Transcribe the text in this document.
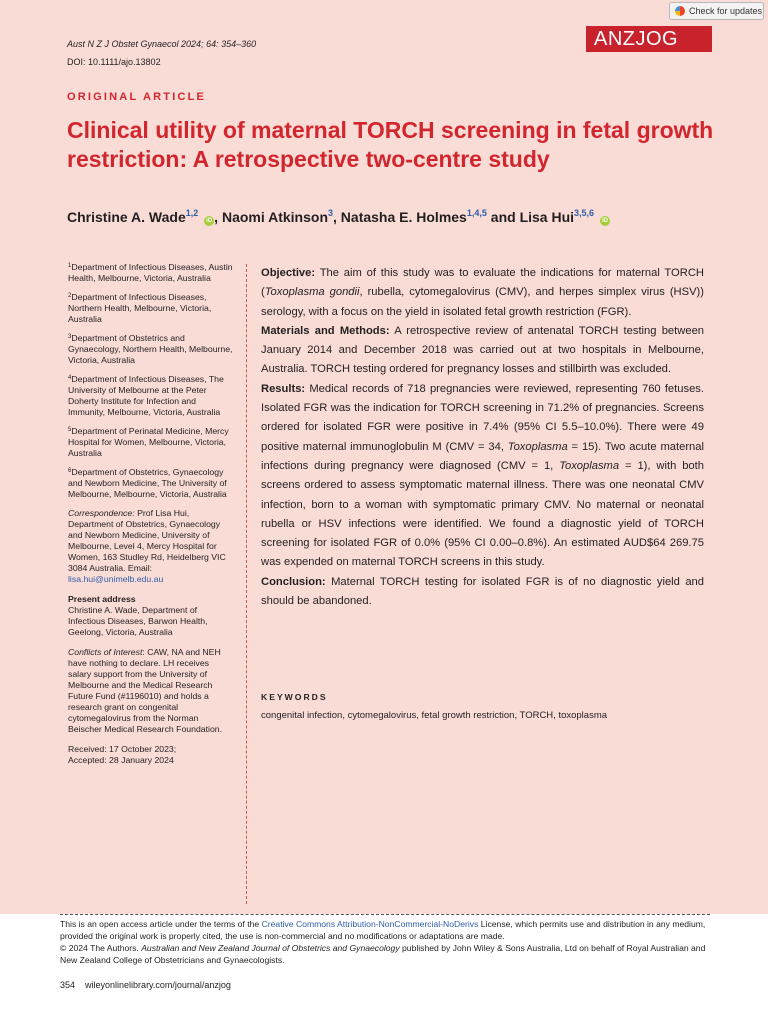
Check for updates
Aust N Z J Obstet Gynaecol 2024; 64: 354–360
DOI: 10.1111/ajo.13802
ANZJOG
ORIGINAL ARTICLE
Clinical utility of maternal TORCH screening in fetal growth restriction: A retrospective two-centre study
Christine A. Wade$^{1,2}$ iD , Naomi Atkinson$^3$, Natasha E. Holmes$^{1,4,5}$ and Lisa Hui$^{3,5,6}$ iD
$^1$Department of Infectious Diseases, Austin Health, Melbourne, Victoria, Australia
$^2$Department of Infectious Diseases, Northern Health, Melbourne, Victoria, Australia
$^3$Department of Obstetrics and Gynaecology, Northern Health, Melbourne, Victoria, Australia
$^4$Department of Infectious Diseases, The University of Melbourne at the Peter Doherty Institute for Infection and Immunity, Melbourne, Victoria, Australia
$^5$Department of Perinatal Medicine, Mercy Hospital for Women, Melbourne, Victoria, Australia
$^6$Department of Obstetrics, Gynaecology and Newborn Medicine, The University of Melbourne, Melbourne, Victoria, Australia
Correspondence: Prof Lisa Hui, Department of Obstetrics, Gynaecology and Newborn Medicine, University of Melbourne, Level 4, Mercy Hospital for Women, 163 Studley Rd, Heidelberg VIC 3084 Australia. Email: lisa.hui@unimelb.edu.au
Present address
Christine A. Wade, Department of Infectious Diseases, Barwon Health, Geelong, Victoria, Australia
Conflicts of Interest: CAW, NA and NEH have nothing to declare. LH receives salary support from the University of Melbourne and the Medical Research Future Fund (#1196010) and holds a research grant on congenital cytomegalovirus from the Norman Beischer Medical Research Foundation.
Received: 17 October 2023;
Accepted: 28 January 2024

Objective: The aim of this study was to evaluate the indications for maternal TORCH (Toxoplasma gondii, rubella, cytomegalovirus (CMV), and herpes simplex virus (HSV)) serology, with a focus on the yield in isolated fetal growth restriction (FGR).

Materials and Methods: A retrospective review of antenatal TORCH testing between January 2014 and December 2018 was carried out at two hospitals in Melbourne, Australia. TORCH testing ordered for pregnancy losses and stillbirth was excluded.

Results: Medical records of 718 pregnancies were reviewed, representing 760 fetuses. Isolated FGR was the indication for TORCH screening in 71.2% of pregnancies. Screens ordered for isolated FGR were positive in 7.4% (95% CI 5.5–10.0%). There were 49 positive maternal immunoglobulin M (CMV = 34, Toxoplasma = 15). Two acute maternal infections during pregnancy were diagnosed (CMV = 1, Toxoplasma = 1), with both screens ordered to assess symptomatic maternal illness. There was one neonatal CMV infection, born to a woman with symptomatic primary CMV. No maternal or neonatal rubella or HSV infections were identified. We found a diagnostic yield of TORCH screening for isolated FGR of 0.0% (95% CI 0.00–0.8%). An estimated AUD$64 269.75 was expended on maternal TORCH screens in this study.

Conclusion: Maternal TORCH testing for isolated FGR is of no diagnostic yield and should be abandoned.

KEYWORDS
congenital infection, cytomegalovirus, fetal growth restriction, TORCH, toxoplasma

This is an open access article under the terms of the Creative Commons Attribution-NonCommercial-NoDerivs License, which permits use and distribution in any medium, provided the original work is properly cited, the use is non-commercial and no modifications or adaptations are made.

© 2024 The Authors. Australian and New Zealand Journal of Obstetrics and Gynaecology published by John Wiley & Sons Australia, Ltd on behalf of Royal Australian and New Zealand College of Obstetricians and Gynaecologists.

354 wileyonlinelibrary.com/journal/anzjog
